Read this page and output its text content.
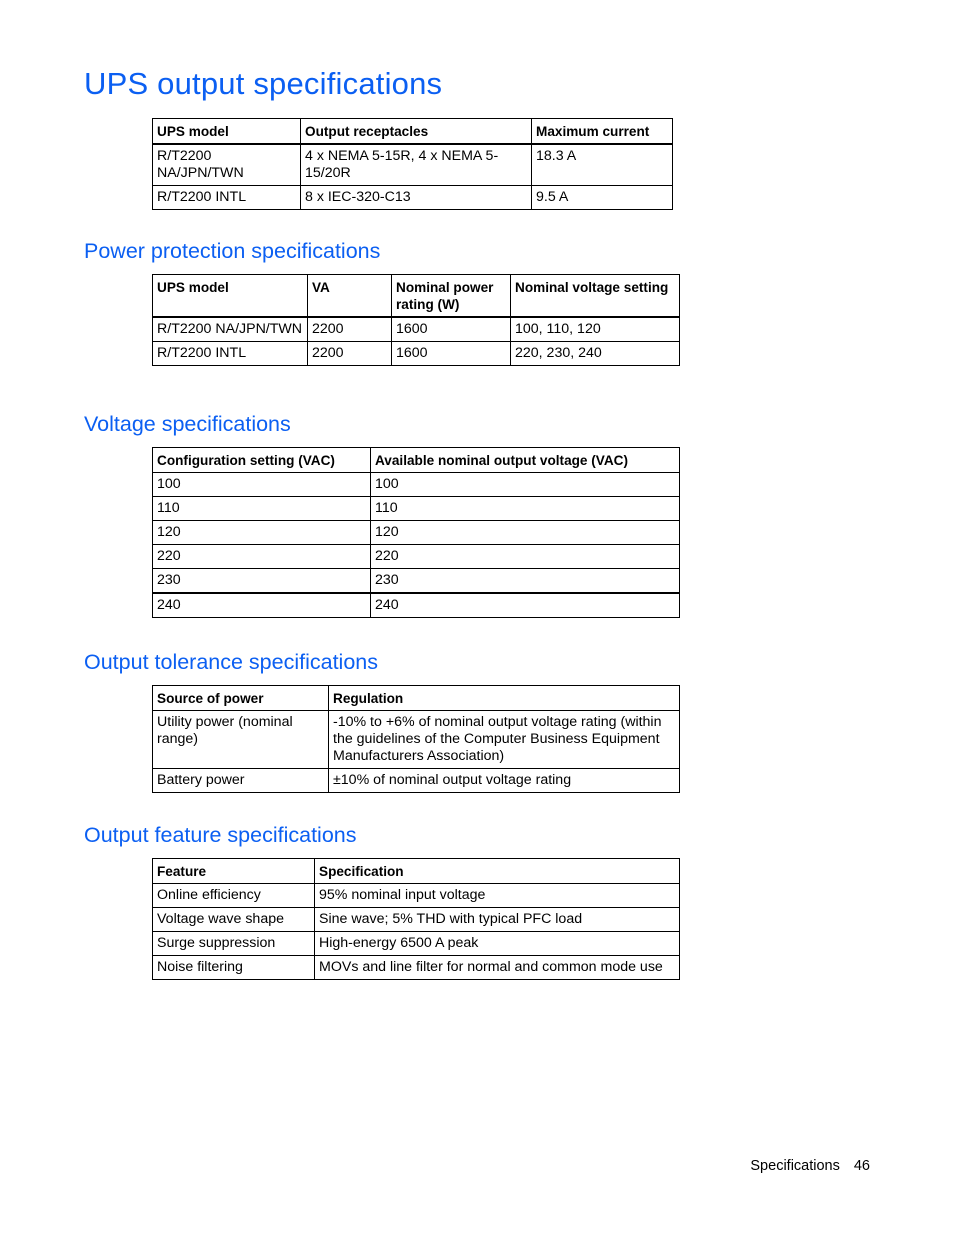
UPS output specifications
UPS model	Output receptacles	Maximum current
R/T2200 NA/JPN/TWN	4 x NEMA 5-15R, 4 x NEMA 5-15/20R	18.3 A
R/T2200 INTL	8 x IEC-320-C13	9.5 A
Power protection specifications
UPS model	VA	Nominal power rating (W)	Nominal voltage setting
R/T2200 NA/JPN/TWN	2200	1600	100, 110, 120
R/T2200 INTL	2200	1600	220, 230, 240
Voltage specifications
Configuration setting (VAC)	Available nominal output voltage (VAC)
100	100
110	110
120	120
220	220
230	230
240	240
Output tolerance specifications
Source of power	Regulation
Utility power (nominal range)	-10% to +6% of nominal output voltage rating (within the guidelines of the Computer Business Equipment Manufacturers Association)
Battery power	±10% of nominal output voltage rating
Output feature specifications
Feature	Specification
Online efficiency	95% nominal input voltage
Voltage wave shape	Sine wave; 5% THD with typical PFC load
Surge suppression	High-energy 6500 A peak
Noise filtering	MOVs and line filter for normal and common mode use
Specifications 46
